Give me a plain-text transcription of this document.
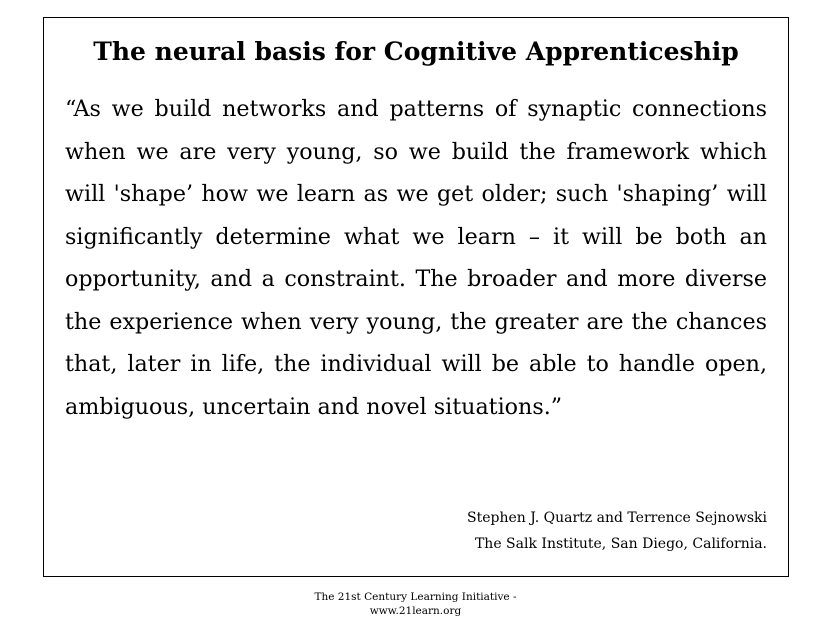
The neural basis for Cognitive Apprenticeship

“As we build networks and patterns of synaptic connections when we are very young, so we build the framework which will 'shape’ how we learn as we get older; such 'shaping’ will significantly determine what we learn – it will be both an opportunity, and a constraint. The broader and more diverse the experience when very young, the greater are the chances that, later in life, the individual will be able to handle open, ambiguous, uncertain and novel situations.”

Stephen J. Quartz and Terrence Sejnowski
The Salk Institute, San Diego, California.
The 21st Century Learning Initiative -
www.21learn.org
